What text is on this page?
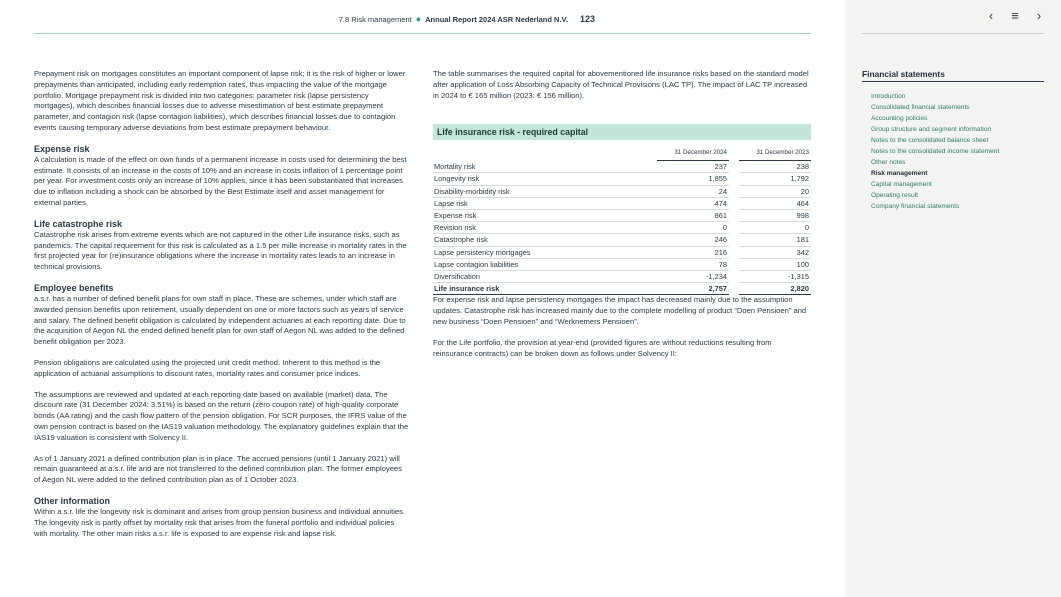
7.8 Risk management ● Annual Report 2024 ASR Nederland N.V. 123

Prepayment risk on mortgages constitutes an important component of lapse risk; it is the risk of higher or lower prepayments than anticipated, including early redemption rates, thus impacting the value of the mortgage portfolio. Mortgage prepayment risk is divided into two categories: parameter risk (lapse persistency mortgages), which describes financial losses due to adverse misestimation of best estimate prepayment parameter, and contagion risk (lapse contagion liabilities), which describes financial losses due to contagion events causing temporary adverse deviations from best estimate prepayment behaviour.

Expense risk

A calculation is made of the effect on own funds of a permanent increase in costs used for determining the best estimate. It consists of an increase in the costs of 10% and an increase in costs inflation of 1 percentage point per year. For investment costs only an increase of 10% applies, since it has been substantiated that increases due to inflation including a shock can be absorbed by the Best Estimate itself and asset management for external parties.

Life catastrophe risk

Catastrophe risk arises from extreme events which are not captured in the other Life insurance risks, such as pandemics. The capital requirement for this risk is calculated as a 1.5 per mille increase in mortality rates in the first projected year for (re)insurance obligations where the increase in mortality rates leads to an increase in technical provisions.

Employee benefits

a.s.r. has a number of defined benefit plans for own staff in place. These are schemes, under which staff are awarded pension benefits upon retirement, usually dependent on one or more factors such as years of service and salary. The defined benefit obligation is calculated by independent actuaries at each reporting date. Due to the acquisition of Aegon NL the ended defined benefit plan for own staff of Aegon NL was added to the defined benefit obligation per 2023.

Pension obligations are calculated using the projected unit credit method. Inherent to this method is the application of actuarial assumptions to discount rates, mortality rates and consumer price indices.

The assumptions are reviewed and updated at each reporting date based on available (market) data. The discount rate (31 December 2024: 3.51%) is based on the return (zero coupon rate) of high-quality corporate bonds (AA rating) and the cash flow pattern of the pension obligation. For SCR purposes, the IFRS value of the own pension contract is based on the IAS19 valuation methodology. The explanatory guidelines explain that the IAS19 valuation is consistent with Solvency II.

As of 1 January 2021 a defined contribution plan is in place. The accrued pensions (until 1 January 2021) will remain guaranteed at a.s.r. life and are not transferred to the defined contribution plan. The former employees of Aegon NL were added to the defined contribution plan as of 1 October 2023.

Other information

Within a.s.r. life the longevity risk is dominant and arises from group pension business and individual annuities. The longevity risk is partly offset by mortality risk that arises from the funeral portfolio and individual policies with mortality. The other main risks a.s.r. life is exposed to are expense risk and lapse risk.

The table summarises the required capital for abovementioned life insurance risks based on the standard model after application of Loss Absorbing Capacity of Technical Provisions (LAC TP). The impact of LAC TP increased in 2024 to € 165 million (2023: € 156 million).

Life insurance risk - required capital
	31 December 2024		31 December 2023
Mortality risk	237		238
Longevity risk	1,855		1,792
Disability-morbidity risk	24		20
Lapse risk	474		464
Expense risk	861		998
Revision risk	0		0
Catastrophe risk	246		181
Lapse persistency mortgages	216		342
Lapse contagion liabilities	78		100
Diversification	-1,234		-1,315
Life insurance risk	2,757		2,820

For expense risk and lapse persistency mortgages the impact has decreased mainly due to the assumption updates. Catastrophe risk has increased mainly due to the complete modelling of product “Doen Pensioen” and new business “Doen Pensioen” and “Werknemers Pensioen”.

For the Life portfolio, the provision at year-end (provided figures are without reductions resulting from reinsurance contracts) can be broken down as follows under Solvency II:

‹ ≡ ›
Financial statements
Introduction
Consolidated financial statements
Accounting policies
Group structure and segment information
Notes to the consolidated balance sheet
Notes to the consolidated income statement
Other notes
Risk management
Capital management
Operating result
Company financial statements
